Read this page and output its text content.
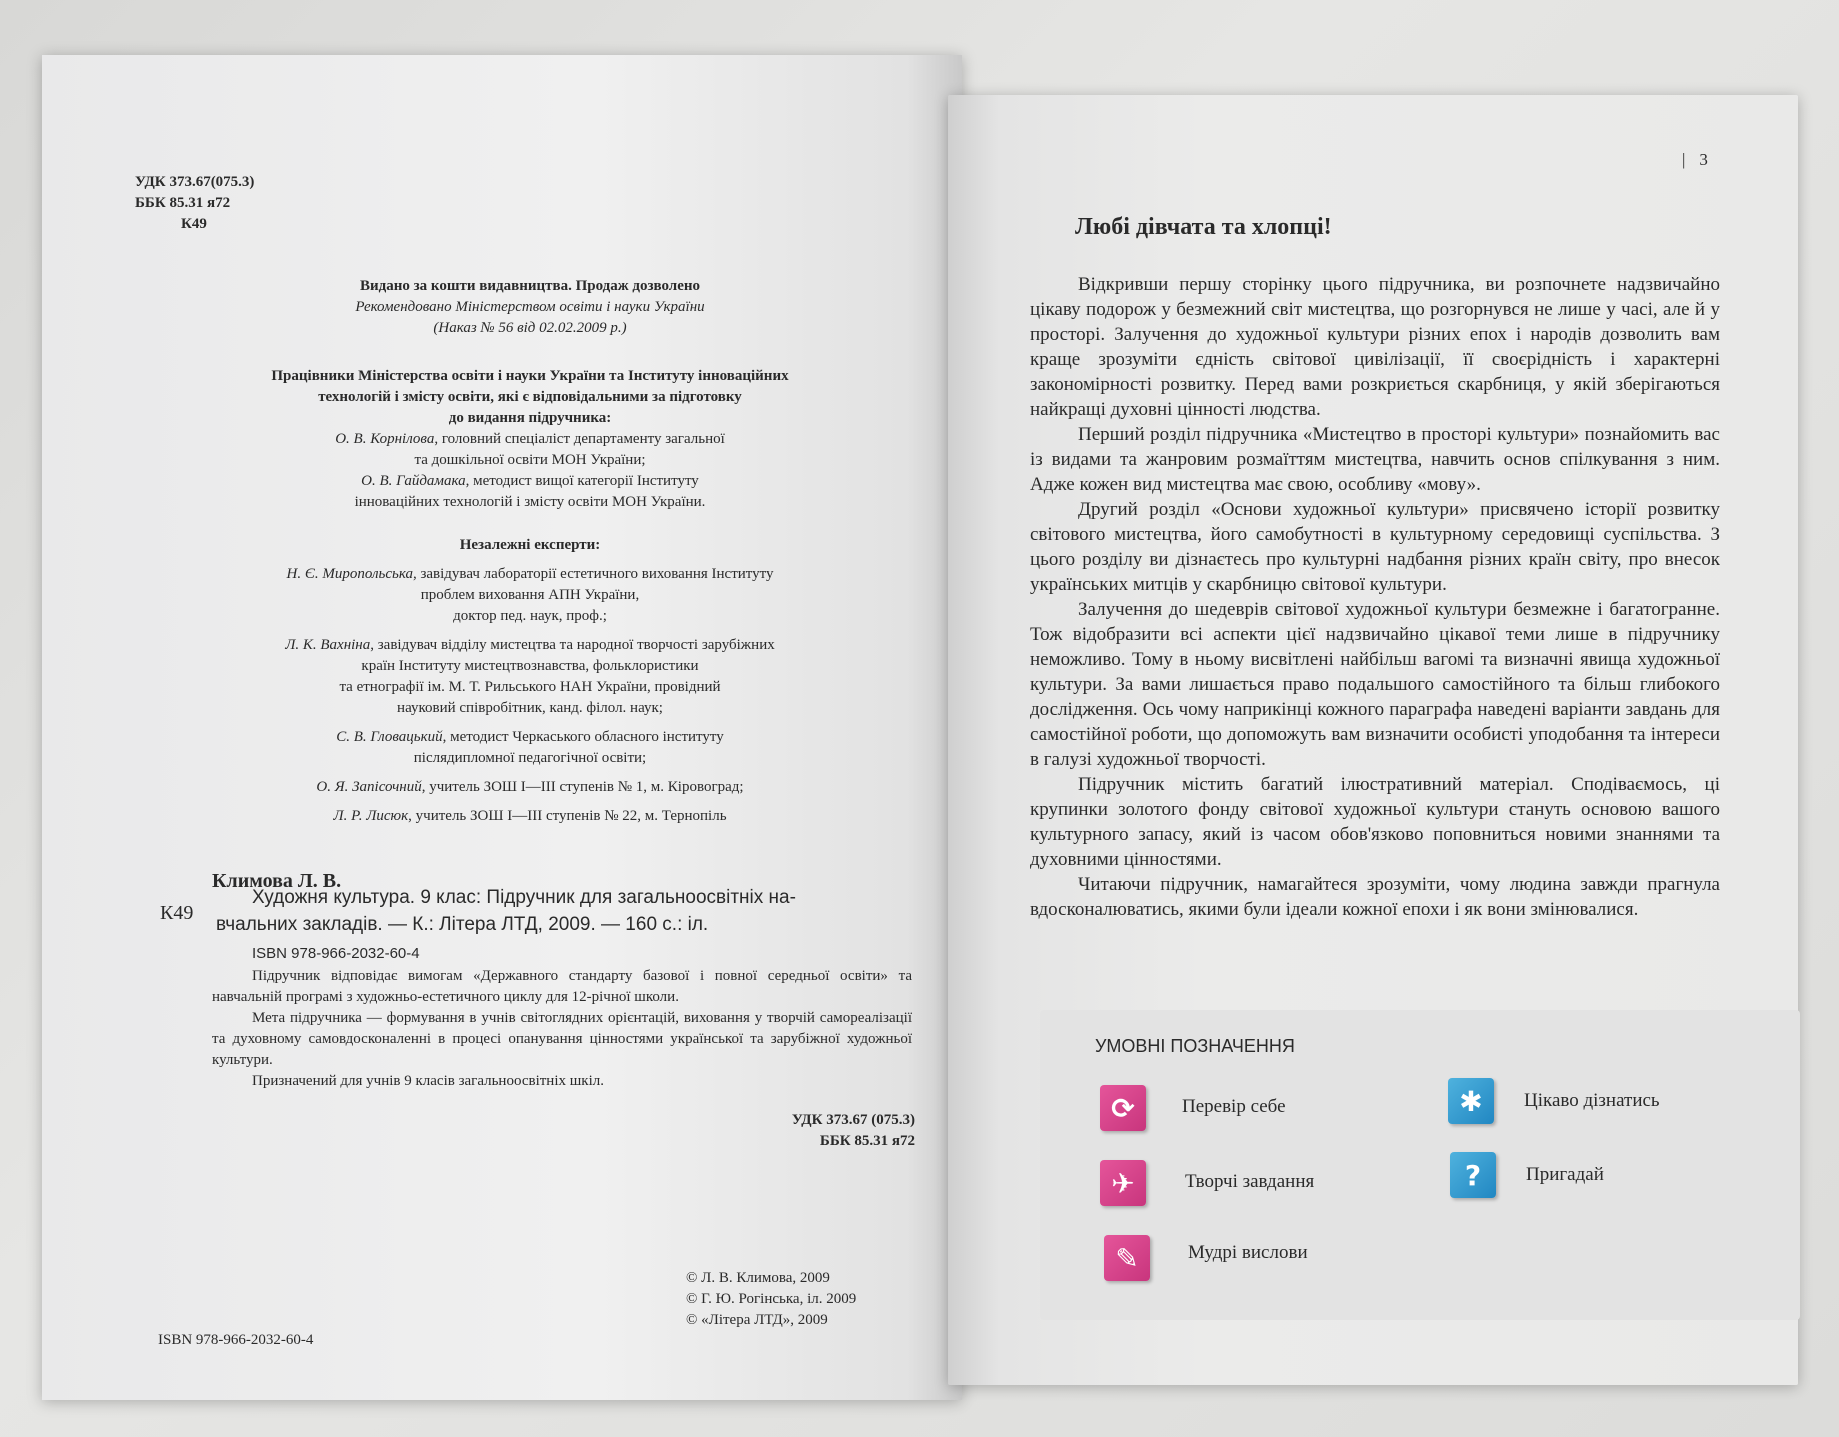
УДК 373.67(075.3)
ББК 85.31 я72
К49
Видано за кошти видавництва. Продаж дозволено
Рекомендовано Міністерством освіти і науки України
(Наказ № 56 від 02.02.2009 р.)
Працівники Міністерства освіти і науки України та Інституту інноваційних
технологій і змісту освіти, які є відповідальними за підготовку
до видання підручника:
О. В. Корнілова, головний спеціаліст департаменту загальної
та дошкільної освіти МОН України;
О. В. Гайдамака, методист вищої категорії Інституту
інноваційних технологій і змісту освіти МОН України.
Незалежні експерти:
Н. Є. Миропольська, завідувач лабораторії естетичного виховання Інституту
проблем виховання АПН України,
доктор пед. наук, проф.;
Л. К. Вахніна, завідувач відділу мистецтва та народної творчості зарубіжних
країн Інституту мистецтвознавства, фольклористики
та етнографії ім. М. Т. Рильського НАН України, провідний
науковий співробітник, канд. філол. наук;
С. В. Гловацький, методист Черкаського обласного інституту
післядипломної педагогічної освіти;
О. Я. Запісочний, учитель ЗОШ І—ІІІ ступенів № 1, м. Кіровоград;
Л. Р. Лисюк, учитель ЗОШ І—ІІІ ступенів № 22, м. Тернопіль
Климова Л. В.
К49
Художня культура. 9 клас: Підручник для загальноосвітніх на-
вчальних закладів. — К.: Літера ЛТД, 2009. — 160 с.: іл.
ISBN 978-966-2032-60-4
Підручник відповідає вимогам «Державного стандарту базової і повної середньої освіти» та навчальній програмі з художньо-естетичного циклу для 12-річної школи.
Мета підручника — формування в учнів світоглядних орієнтацій, виховання у творчій самореалізації та духовному самовдосконаленні в процесі опанування цінностями української та зарубіжної художньої культури.
Призначений для учнів 9 класів загальноосвітніх шкіл.
УДК 373.67 (075.3)
ББК 85.31 я72
© Л. В. Климова, 2009
© Г. Ю. Рогінська, іл. 2009
© «Літера ЛТД», 2009
ISBN 978-966-2032-60-4
| 3
Любі дівчата та хлопці!

Відкривши першу сторінку цього підручника, ви розпочнете надзвичайно цікаву подорож у безмежний світ мистецтва, що розгорнувся не лише у часі, але й у просторі. Залучення до художньої культури різних епох і народів дозволить вам краще зрозуміти єдність світової цивілізації, її своєрідність і характерні закономірності розвитку. Перед вами розкриється скарбниця, у якій зберігаються найкращі духовні цінності людства.

Перший розділ підручника «Мистецтво в просторі культури» познайомить вас із видами та жанровим розмаїттям мистецтва, навчить основ спілкування з ним. Адже кожен вид мистецтва має свою, особливу «мову».

Другий розділ «Основи художньої культури» присвячено історії розвитку світового мистецтва, його самобутності в культурному середовищі суспільства. З цього розділу ви дізнаєтесь про культурні надбання різних країн світу, про внесок українських митців у скарбницю світової культури.

Залучення до шедеврів світової художньої культури безмежне і багатогранне. Тож відобразити всі аспекти цієї надзвичайно цікавої теми лише в підручнику неможливо. Тому в ньому висвітлені найбільш вагомі та визначні явища художньої культури. За вами лишається право подальшого самостійного та більш глибокого дослідження. Ось чому наприкінці кожного параграфа наведені варіанти завдань для самостійної роботи, що допоможуть вам визначити особисті уподобання та інтереси в галузі художньої творчості.

Підручник містить багатий ілюстративний матеріал. Сподіваємось, ці крупинки золотого фонду світової художньої культури стануть основою вашого культурного запасу, який із часом обов'язково поповниться новими знаннями та духовними цінностями.

Читаючи підручник, намагайтеся зрозуміти, чому людина завжди прагнула вдосконалюватись, якими були ідеали кожної епохи і як вони змінювалися.

УМОВНІ ПОЗНАЧЕННЯ
⟳	Перевір себе
✈	Творчі завдання
✎	Мудрі вислови
✱	Цікаво дізнатись
?	Пригадай
